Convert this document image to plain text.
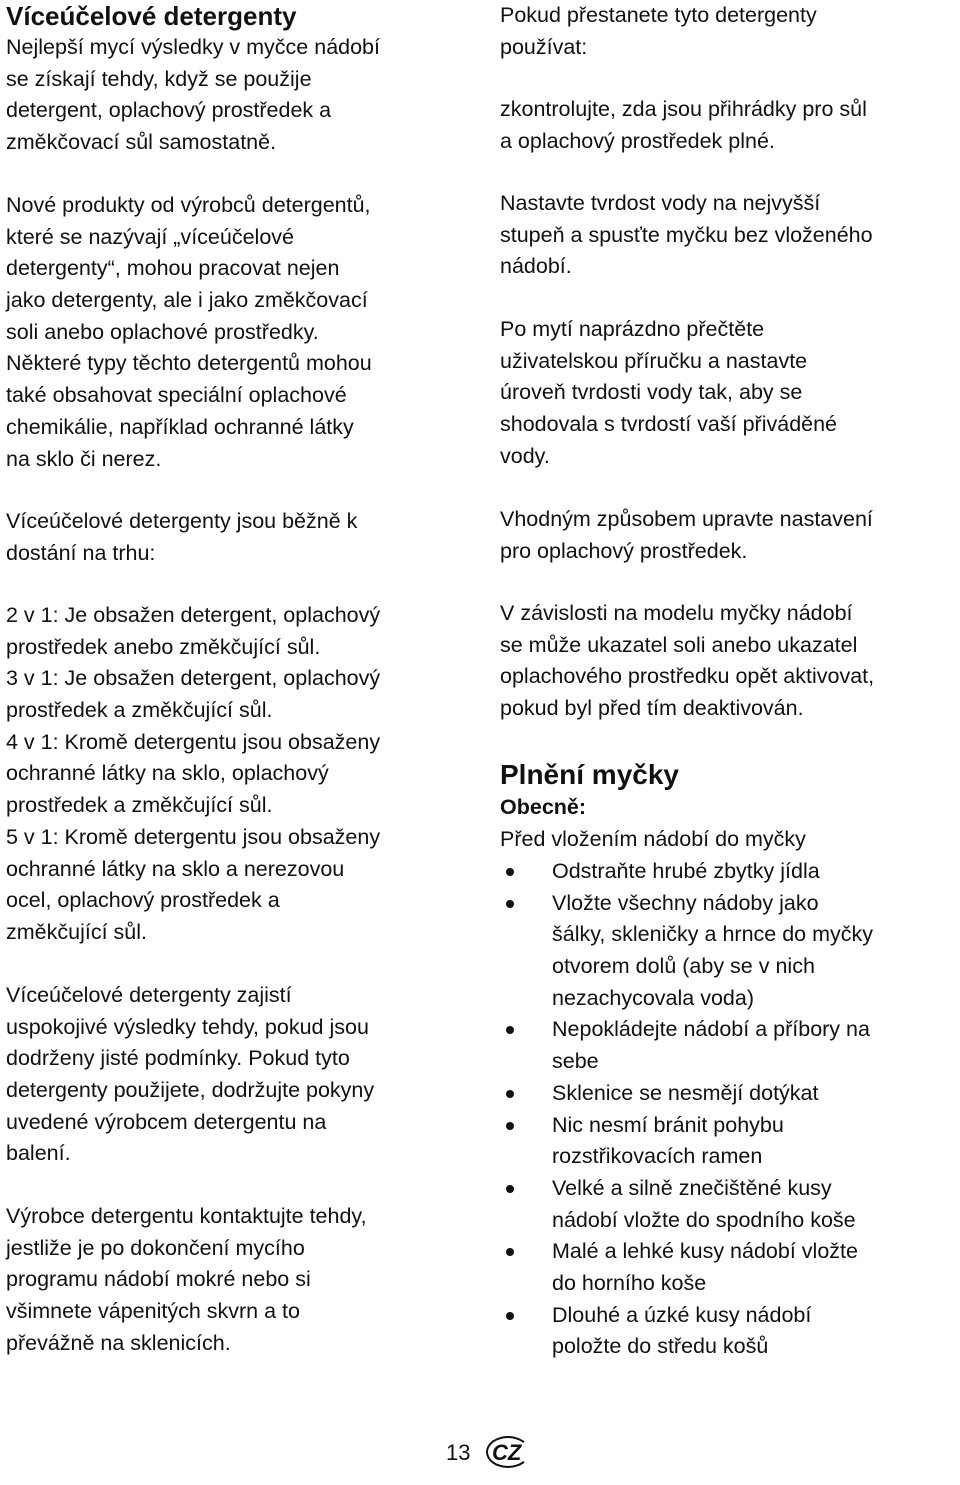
Víceúčelové detergenty
Nejlepší mycí výsledky v myčce nádobí
se získají tehdy, když se použije
detergent, oplachový prostředek a
změkčovací sůl samostatně.
Nové produkty od výrobců detergentů,
které se nazývají „víceúčelové
detergenty“, mohou pracovat nejen
jako detergenty, ale i jako změkčovací
soli anebo oplachové prostředky.
Některé typy těchto detergentů mohou
také obsahovat speciální oplachové
chemikálie, například ochranné látky
na sklo či nerez.
Víceúčelové detergenty jsou běžně k
dostání na trhu:
2 v 1: Je obsažen detergent, oplachový
prostředek anebo změkčující sůl.
3 v 1: Je obsažen detergent, oplachový
prostředek a změkčující sůl.
4 v 1: Kromě detergentu jsou obsaženy
ochranné látky na sklo, oplachový
prostředek a změkčující sůl.
5 v 1: Kromě detergentu jsou obsaženy
ochranné látky na sklo a nerezovou
ocel, oplachový prostředek a
změkčující sůl.
Víceúčelové detergenty zajistí
uspokojivé výsledky tehdy, pokud jsou
dodrženy jisté podmínky. Pokud tyto
detergenty použijete, dodržujte pokyny
uvedené výrobcem detergentu na
balení.
Výrobce detergentu kontaktujte tehdy,
jestliže je po dokončení mycího
programu nádobí mokré nebo si
všimnete vápenitých skvrn a to
převážně na sklenicích.
Pokud přestanete tyto detergenty
používat:
zkontrolujte, zda jsou přihrádky pro sůl
a oplachový prostředek plné.
Nastavte tvrdost vody na nejvyšší
stupeň a spusťte myčku bez vloženého
nádobí.
Po mytí naprázdno přečtěte
uživatelskou příručku a nastavte
úroveň tvrdosti vody tak, aby se
shodovala s tvrdostí vaší přiváděné
vody.
Vhodným způsobem upravte nastavení
pro oplachový prostředek.
V závislosti na modelu myčky nádobí
se může ukazatel soli anebo ukazatel
oplachového prostředku opět aktivovat,
pokud byl před tím deaktivován.
Plnění myčky
Obecně:
Před vložením nádobí do myčky
Odstraňte hrubé zbytky jídla
Vložte všechny nádoby jako
šálky, skleničky a hrnce do myčky
otvorem dolů (aby se v nich
nezachycovala voda)
Nepokládejte nádobí a příbory na
sebe
Sklenice se nesmějí dotýkat
Nic nesmí bránit pohybu
rozstřikovacích ramen
Velké a silně znečištěné kusy
nádobí vložte do spodního koše
Malé a lehké kusy nádobí vložte
do horního koše
Dlouhé a úzké kusy nádobí
položte do středu košů
13 CZ
